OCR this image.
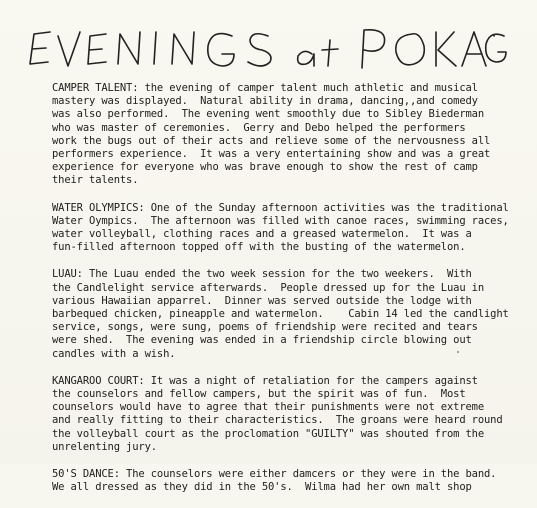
CAMPER TALENT: the evening of camper talent much athletic and musical
mastery was displayed.  Natural ability in drama, dancing,,and comedy
was also performed.  The evening went smoothly due to Sibley Biederman
who was master of ceremonies.  Gerry and Debo helped the performers
work the bugs out of their acts and relieve some of the nervousness all
performers experience.  It was a very entertaining show and was a great
experience for everyone who was brave enough to show the rest of camp
their talents.
WATER OLYMPICS: One of the Sunday afternoon activities was the traditional
Water Oympics.  The afternoon was filled with canoe races, swimming races,
water volleyball, clothing races and a greased watermelon.  It was a
fun-filled afternoon topped off with the busting of the watermelon.
LUAU: The Luau ended the two week session for the two weekers.  With
the Candlelight service afterwards.  People dressed up for the Luau in
various Hawaiian apparrel.  Dinner was served outside the lodge with
barbequed chicken, pineapple and watermelon.    Cabin 14 led the candlight
service, songs, were sung, poems of friendship were recited and tears
were shed.  The evening was ended in a friendship circle blowing out
candles with a wish.
KANGAROO COURT: It was a night of retaliation for the campers against
the counselors and fellow campers, but the spirit was of fun.  Most
counselors would have to agree that their punishments were not extreme
and really fitting to their characteristics.  The groans were heard round
the volleyball court as the proclomation "GUILTY" was shouted from the
unrelenting jury.
50'S DANCE: The counselors were either damcers or they were in the band.
We all dressed as they did in the 50's.  Wilma had her own malt shop
